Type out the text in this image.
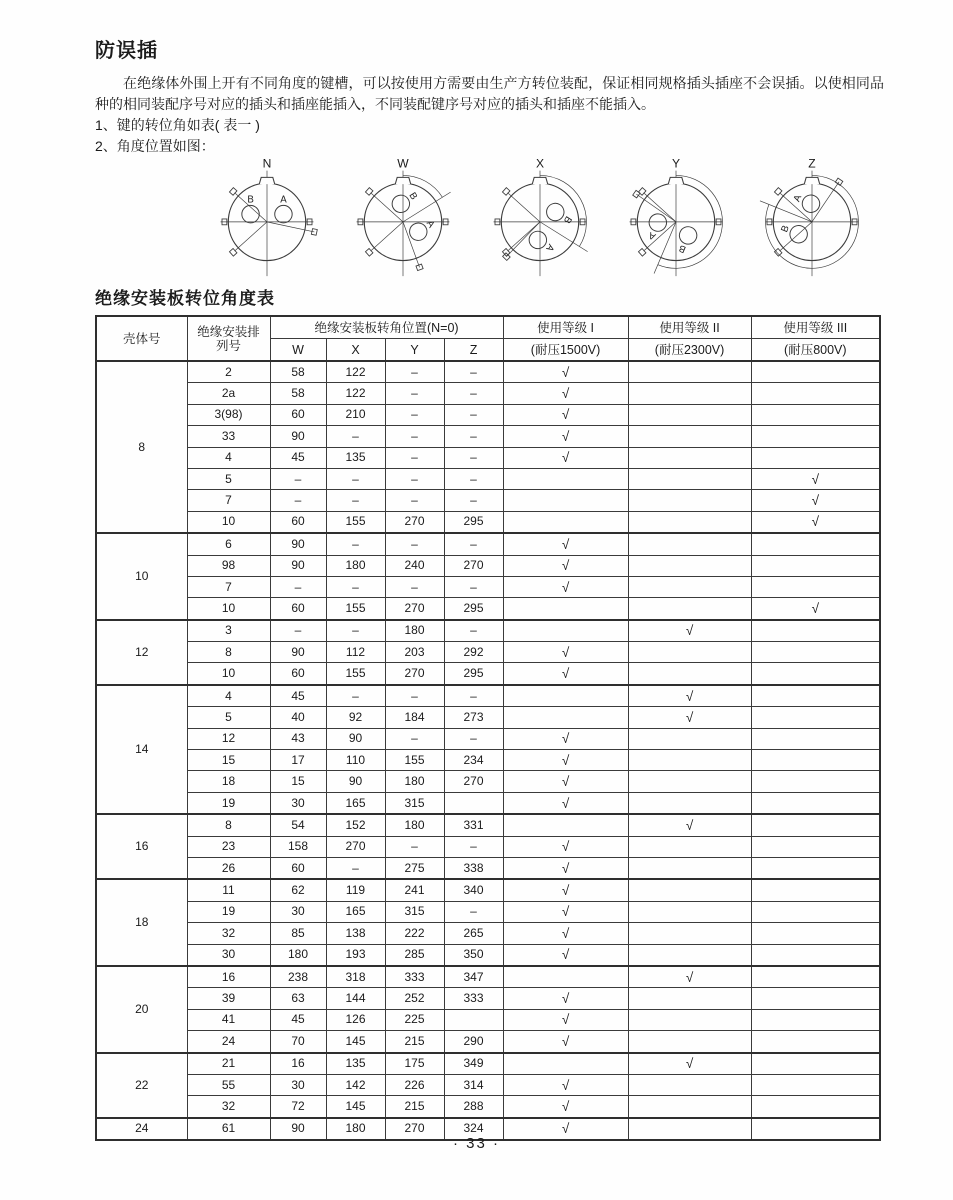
防误插

在绝缘体外围上开有不同角度的键槽，可以按使用方需要由生产方转位装配，保证相同规格插头插座不会误插。以使相同品种的相同装配序号对应的插头和插座能插入，不同装配键序号对应的插头和插座不能插入。

1、键的转位角如表( 表一 )
2、角度位置如图：
B	A
N
B
A
W
B
A
X
B
A
Y
B
A
Z
绝缘安装板转位角度表
壳体号	绝缘安装排
列号	绝缘安装板转角位置(N=0)				使用等级 I	使用等级 II	使用等级 III
		W	X	Y	Z	(耐压1500V)	(耐压2300V)	(耐压800V)
8	2	58	122	–	–	√		
	2a	58	122	–	–	√		
	3(98)	60	210	–	–	√		
	33	90	–	–	–	√		
	4	45	135	–	–	√		
	5	–	–	–	–			√
	7	–	–	–	–			√
	10	60	155	270	295			√
10	6	90	–	–	–	√		
	98	90	180	240	270	√		
	7	–	–	–	–	√		
	10	60	155	270	295			√
12	3	–	–	180	–		√	
	8	90	112	203	292	√		
	10	60	155	270	295	√		
14	4	45	–	–	–		√	
	5	40	92	184	273		√	
	12	43	90	–	–	√		
	15	17	110	155	234	√		
	18	15	90	180	270	√		
	19	30	165	315		√		
16	8	54	152	180	331		√	
	23	158	270	–	–	√		
	26	60	–	275	338	√		
18	11	62	119	241	340	√		
	19	30	165	315	–	√		
	32	85	138	222	265	√		
	30	180	193	285	350	√		
20	16	238	318	333	347		√	
	39	63	144	252	333	√		
	41	45	126	225		√		
	24	70	145	215	290	√		
22	21	16	135	175	349		√	
	55	30	142	226	314	√		
	32	72	145	215	288	√		
24	61	90	180	270	324	√		
· 33 ·
